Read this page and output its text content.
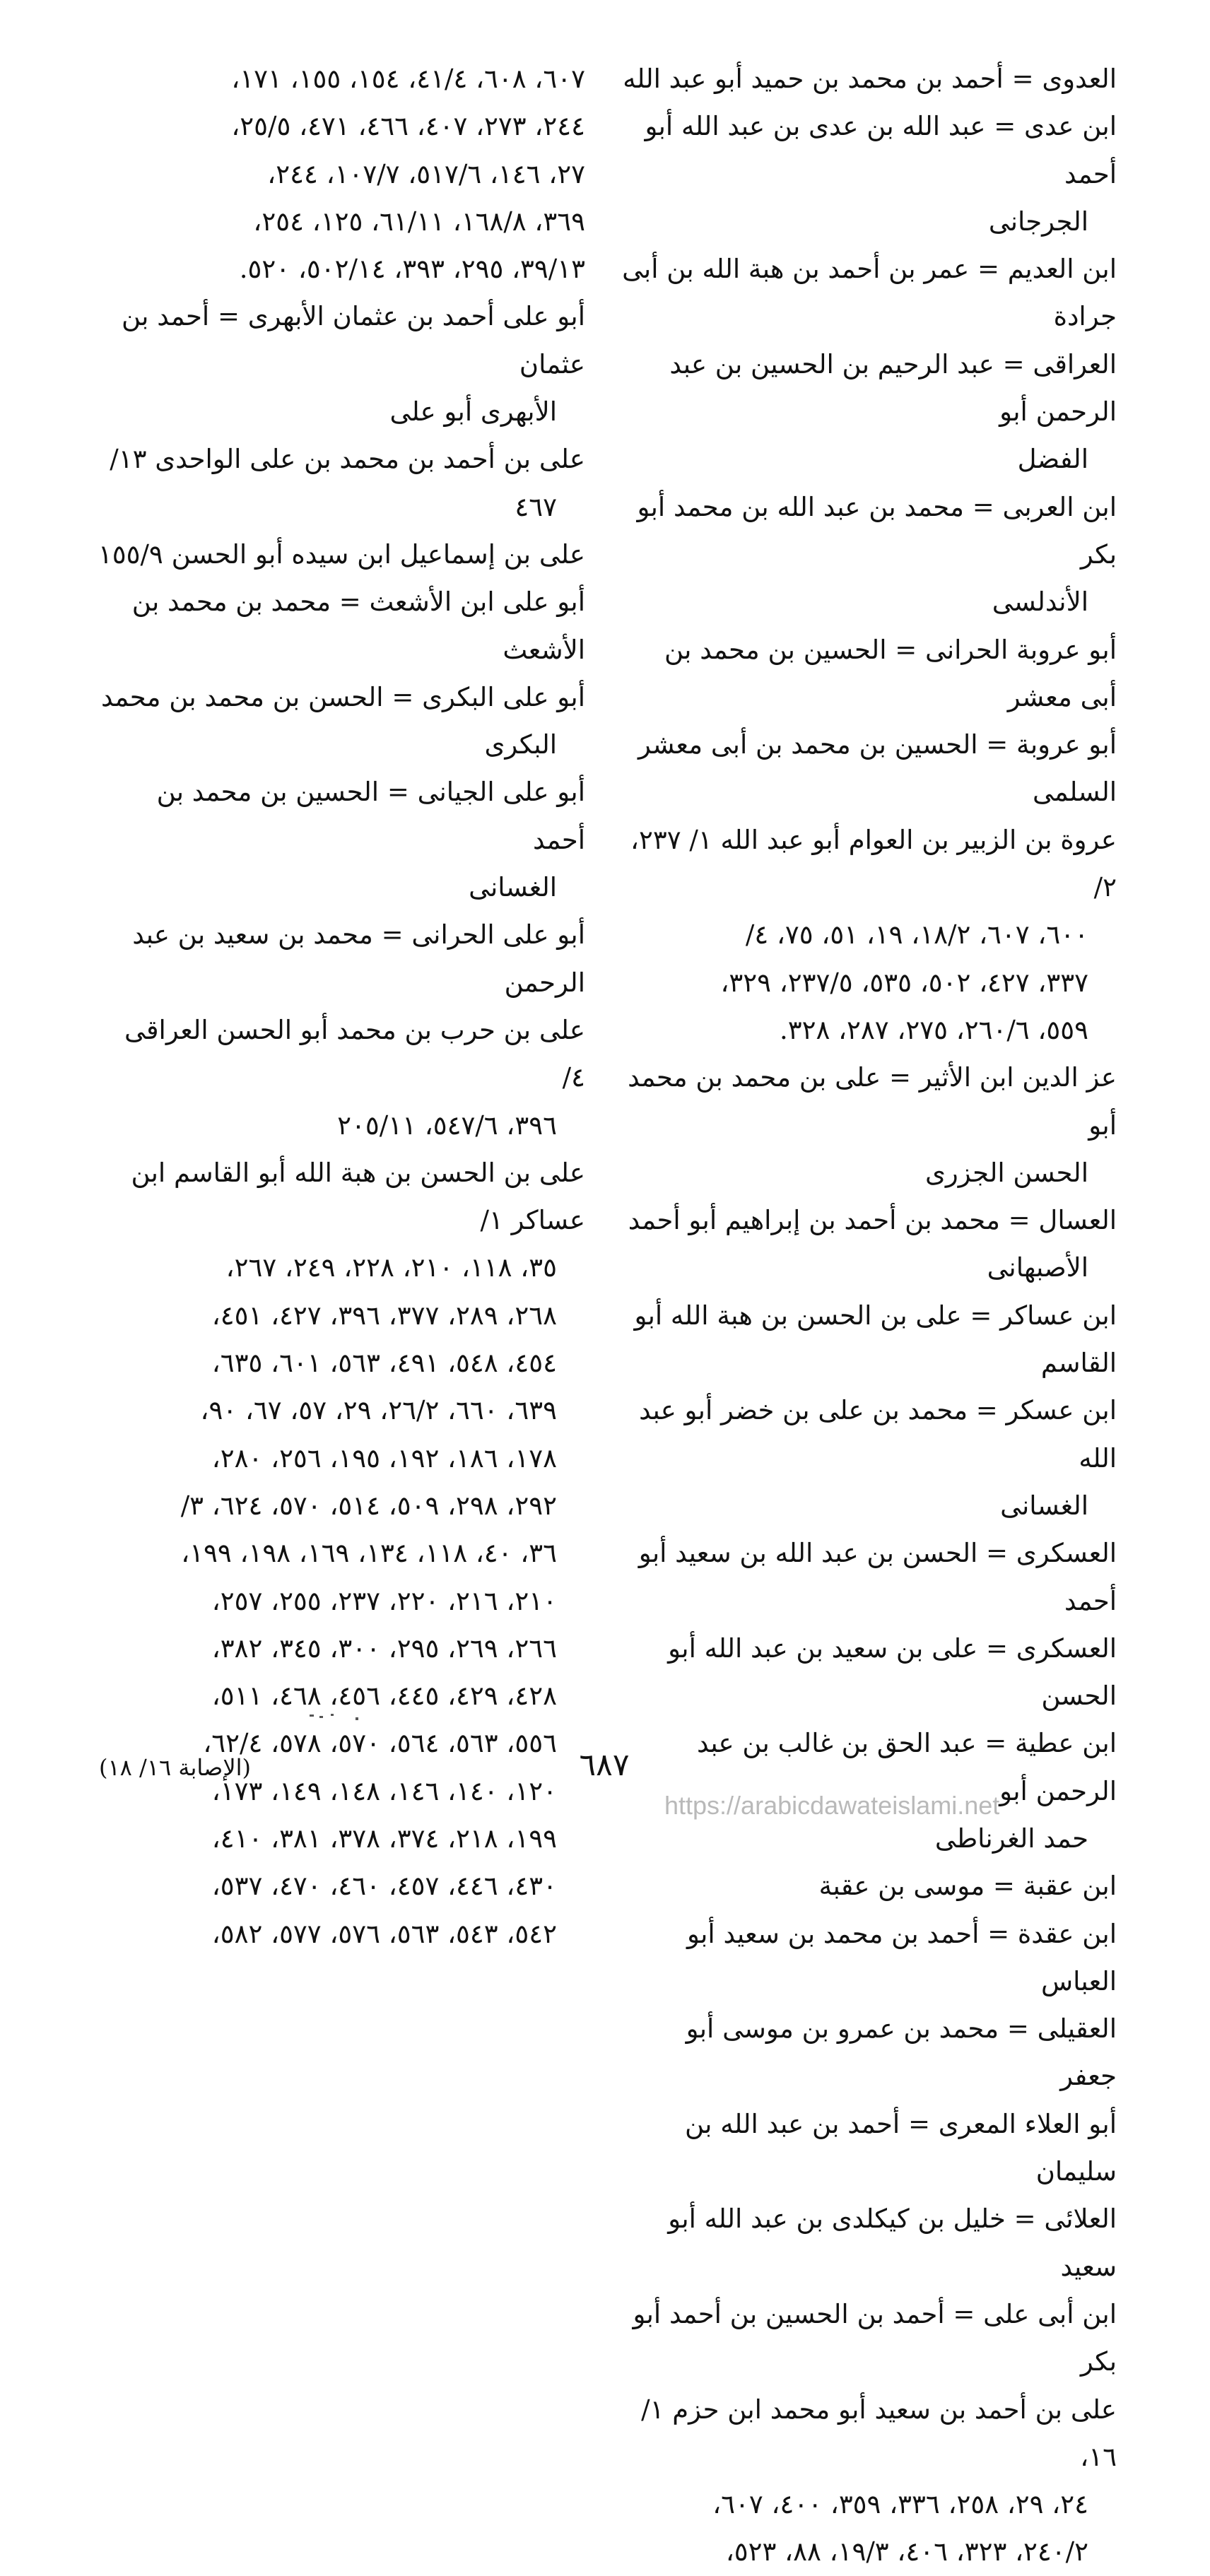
العدوى = أحمد بن محمد بن حميد أبو عبد الله

ابن عدى = عبد الله بن عدى بن عبد الله أبو أحمد

الجرجانى

ابن العديم = عمر بن أحمد بن هبة الله بن أبى جرادة

العراقى = عبد الرحيم بن الحسين بن عبد الرحمن أبو

الفضل

ابن العربى = محمد بن عبد الله بن محمد أبو بكر

الأندلسى

أبو عروبة الحرانى = الحسين بن محمد بن أبى معشر

أبو عروبة = الحسين بن محمد بن أبى معشر السلمى

عروة بن الزبير بن العوام أبو عبد الله ١/ ٢٣٧، ٢/

٦٠٠، ٦٠٧، ١٨/٢، ١٩، ٥١، ٧٥، ٤/

٣٣٧، ٤٢٧، ٥٠٢، ٥٣٥، ٢٣٧/٥، ٣٢٩،

٥٥٩، ٢٦٠/٦، ٢٧٥، ٢٨٧، ٣٢٨.

عز الدين ابن الأثير = على بن محمد بن محمد أبو

الحسن الجزرى

العسال = محمد بن أحمد بن إبراهيم أبو أحمد

الأصبهانى

ابن عساكر = على بن الحسن بن هبة الله أبو القاسم

ابن عسكر = محمد بن على بن خضر أبو عبد الله

الغسانى

العسكرى = الحسن بن عبد الله بن سعيد أبو أحمد

العسكرى = على بن سعيد بن عبد الله أبو الحسن

ابن عطية = عبد الحق بن غالب بن عبد الرحمن أبو

حمد الغرناطى

ابن عقبة = موسى بن عقبة

ابن عقدة = أحمد بن محمد بن سعيد أبو العباس

العقيلى = محمد بن عمرو بن موسى أبو جعفر

أبو العلاء المعرى = أحمد بن عبد الله بن سليمان

العلائى = خليل بن كيكلدى بن عبد الله أبو سعيد

ابن أبى على = أحمد بن الحسين بن أحمد أبو بكر

على بن أحمد بن سعيد أبو محمد ابن حزم ١/ ١٦،

٢٤، ٢٩، ٢٥٨، ٣٣٦، ٣٥٩، ٤٠٠، ٦٠٧،

٢٤٠/٢، ٣٢٣، ٤٠٦، ١٩/٣، ٨٨، ٥٢٣،

٦٠٧، ٦٠٨، ٤١/٤، ١٥٤، ١٥٥، ١٧١،

٢٤٤، ٢٧٣، ٤٠٧، ٤٦٦، ٤٧١، ٢٥/٥،

٢٧، ١٤٦، ٥١٧/٦، ١٠٧/٧، ٢٤٤،

٣٦٩، ١٦٨/٨، ٦١/١١، ١٢٥، ٢٥٤،

٣٩/١٣، ٢٩٥، ٣٩٣، ٥٠٢/١٤، ٥٢٠.

أبو على أحمد بن عثمان الأبهرى = أحمد بن عثمان

الأبهرى أبو على

على بن أحمد بن محمد بن على الواحدى ١٣/

٤٦٧

على بن إسماعيل ابن سيده أبو الحسن ١٥٥/٩

أبو على ابن الأشعث = محمد بن محمد بن الأشعث

أبو على البكرى = الحسن بن محمد بن محمد

البكرى

أبو على الجيانى = الحسين بن محمد بن أحمد

الغسانى

أبو على الحرانى = محمد بن سعيد بن عبد الرحمن

على بن حرب بن محمد أبو الحسن العراقى ٤/

٣٩٦، ٥٤٧/٦، ٢٠٥/١١

على بن الحسن بن هبة الله أبو القاسم ابن عساكر ١/

٣٥، ١١٨، ٢١٠، ٢٢٨، ٢٤٩، ٢٦٧،

٢٦٨، ٢٨٩، ٣٧٧، ٣٩٦، ٤٢٧، ٤٥١،

٤٥٤، ٥٤٨، ٤٩١، ٥٦٣، ٦٠١، ٦٣٥،

٦٣٩، ٦٦٠، ٢٦/٢، ٢٩، ٥٧، ٦٧، ٩٠،

١٧٨، ١٨٦، ١٩٢، ١٩٥، ٢٥٦، ٢٨٠،

٢٩٢، ٢٩٨، ٥٠٩، ٥١٤، ٥٧٠، ٦٢٤، ٣/

٣٦، ٤٠، ١١٨، ١٣٤، ١٦٩، ١٩٨، ١٩٩،

٢١٠، ٢١٦، ٢٢٠، ٢٣٧، ٢٥٥، ٢٥٧،

٢٦٦، ٢٦٩، ٢٩٥، ٣٠٠، ٣٤٥، ٣٨٢،

٤٢٨، ٤٢٩، ٤٤٥، ٤٥٦، ٤٦٨، ٥١١،

٥٥٦، ٥٦٣، ٥٦٤، ٥٧٠، ٥٧٨، ٦٢/٤،

١٢٠، ١٤٠، ١٤٦، ١٤٨، ١٤٩، ١٧٣،

١٩٩، ٢١٨، ٣٧٤، ٣٧٨، ٣٨١، ٤١٠،

٤٣٠، ٤٤٦، ٤٥٧، ٤٦٠، ٤٧٠، ٥٣٧،

٥٤٢، ٥٤٣، ٥٦٣، ٥٧٦، ٥٧٧، ٥٨٢،

٦٨٧
(الإصابة ١٦/ ١٨)
https://arabicdawateislami.net
